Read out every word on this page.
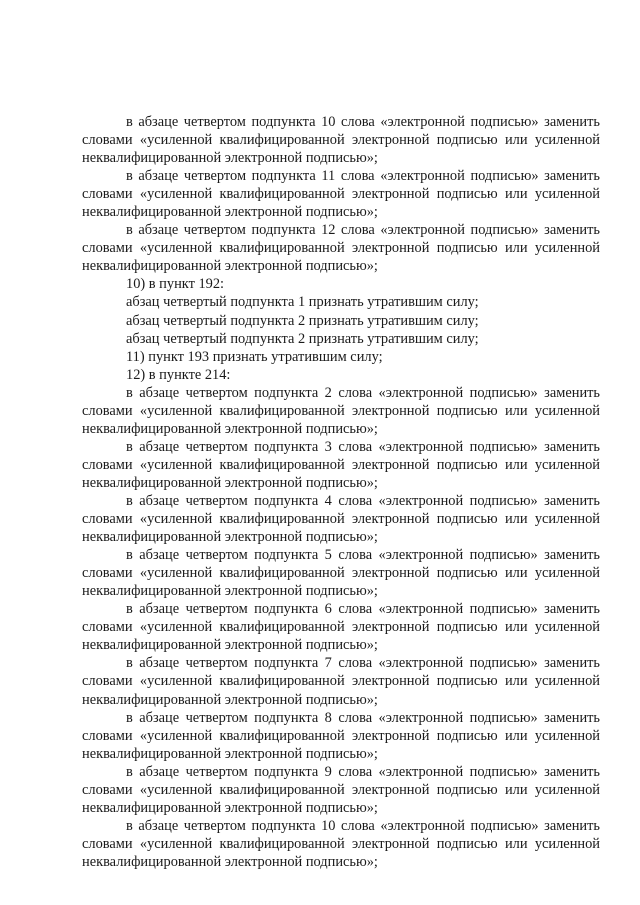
в абзаце четвертом подпункта 10 слова «электронной подписью» заменить словами «усиленной квалифицированной электронной подписью или усиленной неквалифицированной электронной подписью»;

в абзаце четвертом подпункта 11 слова «электронной подписью» заменить словами «усиленной квалифицированной электронной подписью или усиленной неквалифицированной электронной подписью»;

в абзаце четвертом подпункта 12 слова «электронной подписью» заменить словами «усиленной квалифицированной электронной подписью или усиленной неквалифицированной электронной подписью»;

10) в пункт 192:

абзац четвертый подпункта 1 признать утратившим силу;

абзац четвертый подпункта 2 признать утратившим силу;

абзац четвертый подпункта 2 признать утратившим силу;

11) пункт 193 признать утратившим силу;

12) в пункте 214:

в абзаце четвертом подпункта 2 слова «электронной подписью» заменить словами «усиленной квалифицированной электронной подписью или усиленной неквалифицированной электронной подписью»;

в абзаце четвертом подпункта 3 слова «электронной подписью» заменить словами «усиленной квалифицированной электронной подписью или усиленной неквалифицированной электронной подписью»;

в абзаце четвертом подпункта 4 слова «электронной подписью» заменить словами «усиленной квалифицированной электронной подписью или усиленной неквалифицированной электронной подписью»;

в абзаце четвертом подпункта 5 слова «электронной подписью» заменить словами «усиленной квалифицированной электронной подписью или усиленной неквалифицированной электронной подписью»;

в абзаце четвертом подпункта 6 слова «электронной подписью» заменить словами «усиленной квалифицированной электронной подписью или усиленной неквалифицированной электронной подписью»;

в абзаце четвертом подпункта 7 слова «электронной подписью» заменить словами «усиленной квалифицированной электронной подписью или усиленной неквалифицированной электронной подписью»;

в абзаце четвертом подпункта 8 слова «электронной подписью» заменить словами «усиленной квалифицированной электронной подписью или усиленной неквалифицированной электронной подписью»;

в абзаце четвертом подпункта 9 слова «электронной подписью» заменить словами «усиленной квалифицированной электронной подписью или усиленной неквалифицированной электронной подписью»;

в абзаце четвертом подпункта 10 слова «электронной подписью» заменить словами «усиленной квалифицированной электронной подписью или усиленной неквалифицированной электронной подписью»;
